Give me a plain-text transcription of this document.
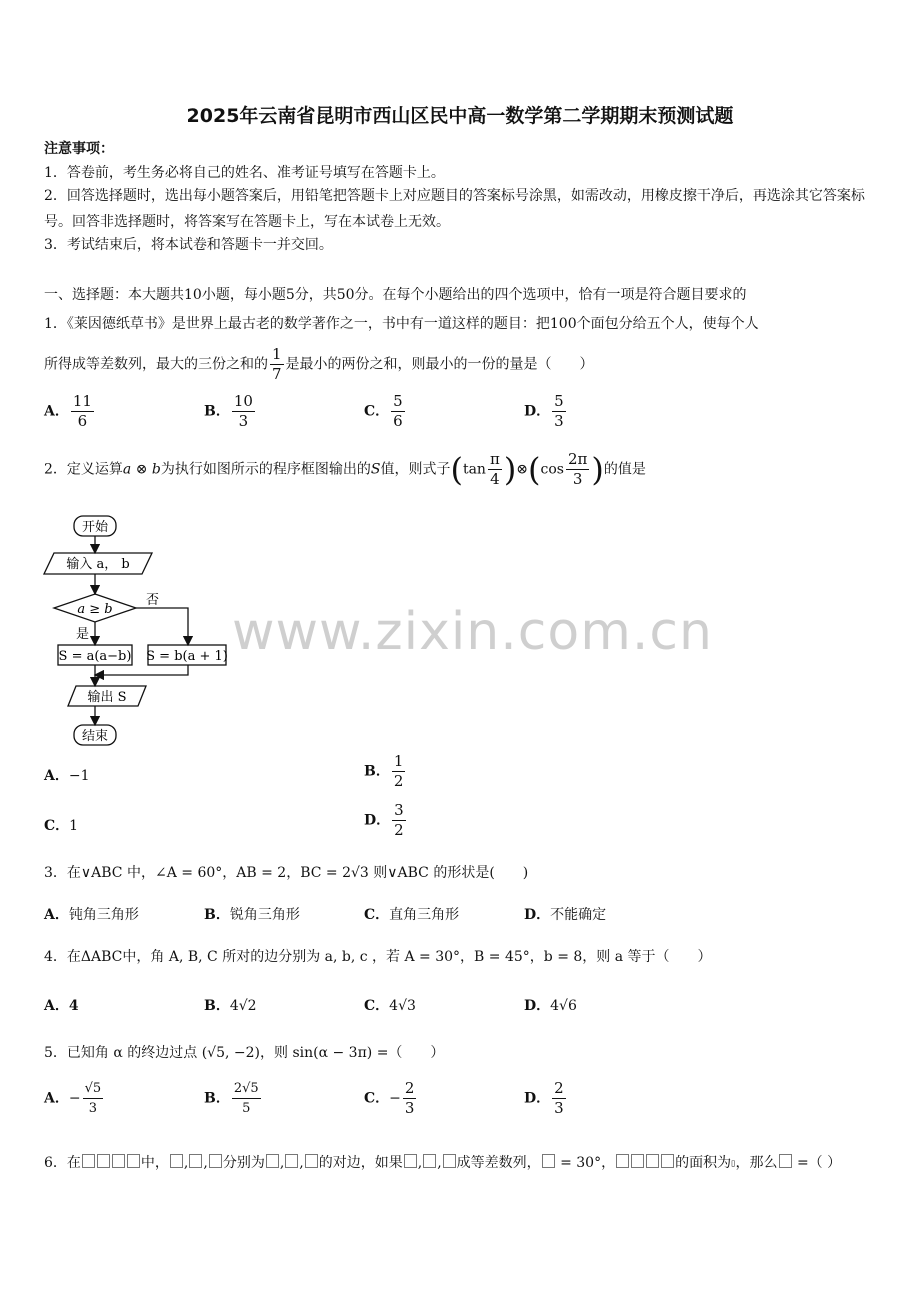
2025年云南省昆明市西山区民中高一数学第二学期期末预测试题
注意事项：
1．答卷前，考生务必将自己的姓名、准考证号填写在答题卡上。
2．回答选择题时，选出每小题答案后，用铅笔把答题卡上对应题目的答案标号涂黑，如需改动，用橡皮擦干净后，再选涂其它答案标号。回答非选择题时，将答案写在答题卡上，写在本试卷上无效。
3．考试结束后，将本试卷和答题卡一并交回。
一、选择题：本大题共10小题，每小题5分，共50分。在每个小题给出的四个选项中，恰有一项是符合题目要求的
1．《莱因德纸草书》是世界上最古老的数学著作之一，书中有一道这样的题目：把100个面包分给五个人，使每个人
所得成等差数列，最大的三份之和的 $\frac{1}{7}$ 是最小的两份之和，则最小的一份的量是（　　）
A． $\frac{11}{6}$	B． $\frac{10}{3}$	C． $\frac{5}{6}$	D． $\frac{5}{3}$
2．定义运算a ⊗ b为执行如图所示的程序框图输出的S值，则式子($\tan \frac{\pi}{4}$ )⊗(cos $\frac{2\pi}{3}$ )的值是
开始
输入 a， b
a ≥ b
否
是
S = a(a−b) S = b(a + 1)
输出 S
结束
www.zixin.com.cn
A．−1	B． $\frac{1}{2}$
C．1	D． $\frac{3}{2}$
3．在∨ABC 中，∠A = 60°，AB = 2，BC = 2√3 则∨ABC 的形状是(　　)
A．钝角三角形	B．锐角三角形	C．直角三角形	D．不能确定
4．在ΔABC中，角 A, B, C 所对的边分别为 a, b, c ，若 A = 30°，B = 45°，b = 8，则 a 等于（　　）
A．4	B．4√2	C．4√3	D．4√6
5．已知角 α 的终边过点 (√5, −2)，则 sin(α − 3π) =（　　）
A．− $\frac{√5}{3}$	B． $\frac{2√5}{5}$	C．− $\frac{2}{3}$	D． $\frac{2}{3}$
6．在	中， , , 分别为 , , 的对边，如果 , , 成等差数列， = 30°，	的面积为▯，那么 =（ ）
